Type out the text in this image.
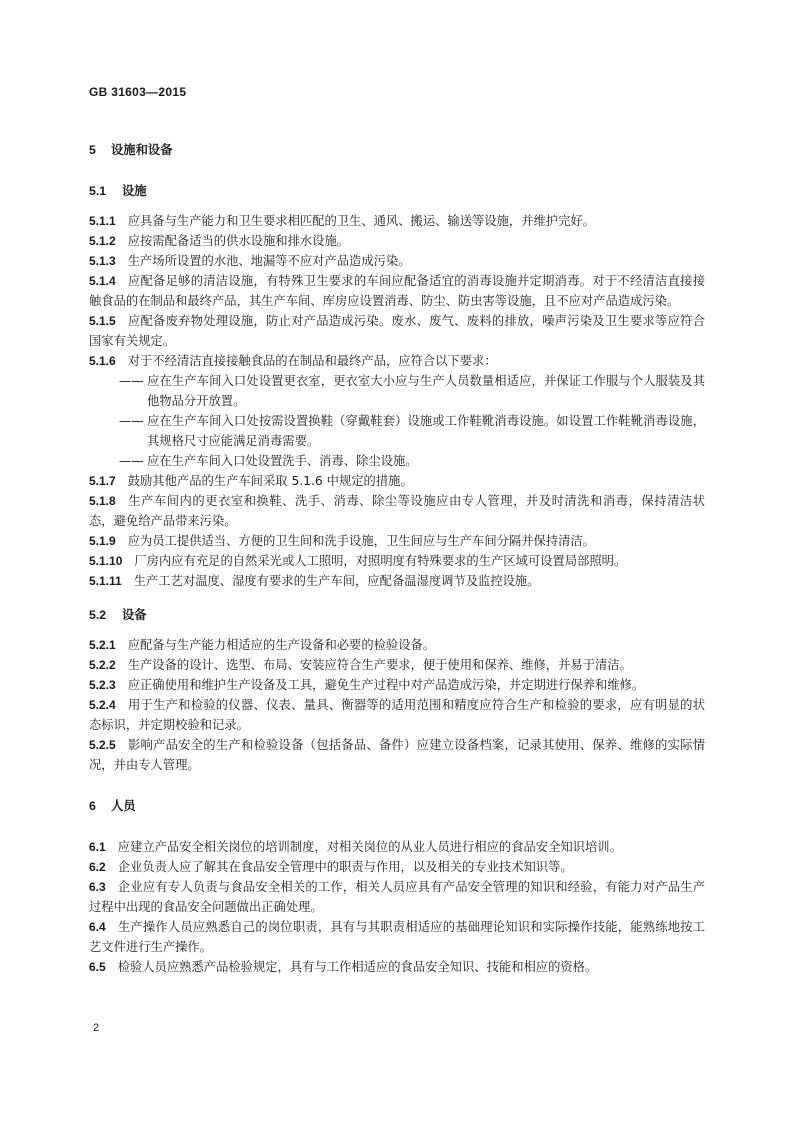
GB 31603—2015

5 设施和设备

5.1 设施

5.1.1 应具备与生产能力和卫生要求相匹配的卫生、通风、搬运、输送等设施，并维护完好。

5.1.2 应按需配备适当的供水设施和排水设施。

5.1.3 生产场所设置的水池、地漏等不应对产品造成污染。

5.1.4 应配备足够的清洁设施，有特殊卫生要求的车间应配备适宜的消毒设施并定期消毒。对于不经清洁直接接触食品的在制品和最终产品，其生产车间、库房应设置消毒、防尘、防虫害等设施，且不应对产品造成污染。

5.1.5 应配备废弃物处理设施，防止对产品造成污染。废水、废气、废料的排放，噪声污染及卫生要求等应符合国家有关规定。

5.1.6 对于不经清洁直接接触食品的在制品和最终产品，应符合以下要求：

—— 应在生产车间入口处设置更衣室，更衣室大小应与生产人员数量相适应，并保证工作服与个人服装及其他物品分开放置。

—— 应在生产车间入口处按需设置换鞋（穿戴鞋套）设施或工作鞋靴消毒设施。如设置工作鞋靴消毒设施，其规格尺寸应能满足消毒需要。

—— 应在生产车间入口处设置洗手、消毒、除尘设施。

5.1.7 鼓励其他产品的生产车间采取 5.1.6 中规定的措施。

5.1.8 生产车间内的更衣室和换鞋、洗手、消毒、除尘等设施应由专人管理，并及时清洗和消毒，保持清洁状态，避免给产品带来污染。

5.1.9 应为员工提供适当、方便的卫生间和洗手设施，卫生间应与生产车间分隔并保持清洁。

5.1.10 厂房内应有充足的自然采光或人工照明，对照明度有特殊要求的生产区域可设置局部照明。

5.1.11 生产工艺对温度、湿度有要求的生产车间，应配备温湿度调节及监控设施。

5.2 设备

5.2.1 应配备与生产能力相适应的生产设备和必要的检验设备。

5.2.2 生产设备的设计、选型、布局、安装应符合生产要求，便于使用和保养、维修，并易于清洁。

5.2.3 应正确使用和维护生产设备及工具，避免生产过程中对产品造成污染，并定期进行保养和维修。

5.2.4 用于生产和检验的仪器、仪表、量具、衡器等的适用范围和精度应符合生产和检验的要求，应有明显的状态标识，并定期校验和记录。

5.2.5 影响产品安全的生产和检验设备（包括备品、备件）应建立设备档案，记录其使用、保养、维修的实际情况，并由专人管理。

6 人员

6.1 应建立产品安全相关岗位的培训制度，对相关岗位的从业人员进行相应的食品安全知识培训。

6.2 企业负责人应了解其在食品安全管理中的职责与作用，以及相关的专业技术知识等。

6.3 企业应有专人负责与食品安全相关的工作，相关人员应具有产品安全管理的知识和经验，有能力对产品生产过程中出现的食品安全问题做出正确处理。

6.4 生产操作人员应熟悉自己的岗位职责，具有与其职责相适应的基础理论知识和实际操作技能，能熟练地按工艺文件进行生产操作。

6.5 检验人员应熟悉产品检验规定，具有与工作相适应的食品安全知识、技能和相应的资格。

2
